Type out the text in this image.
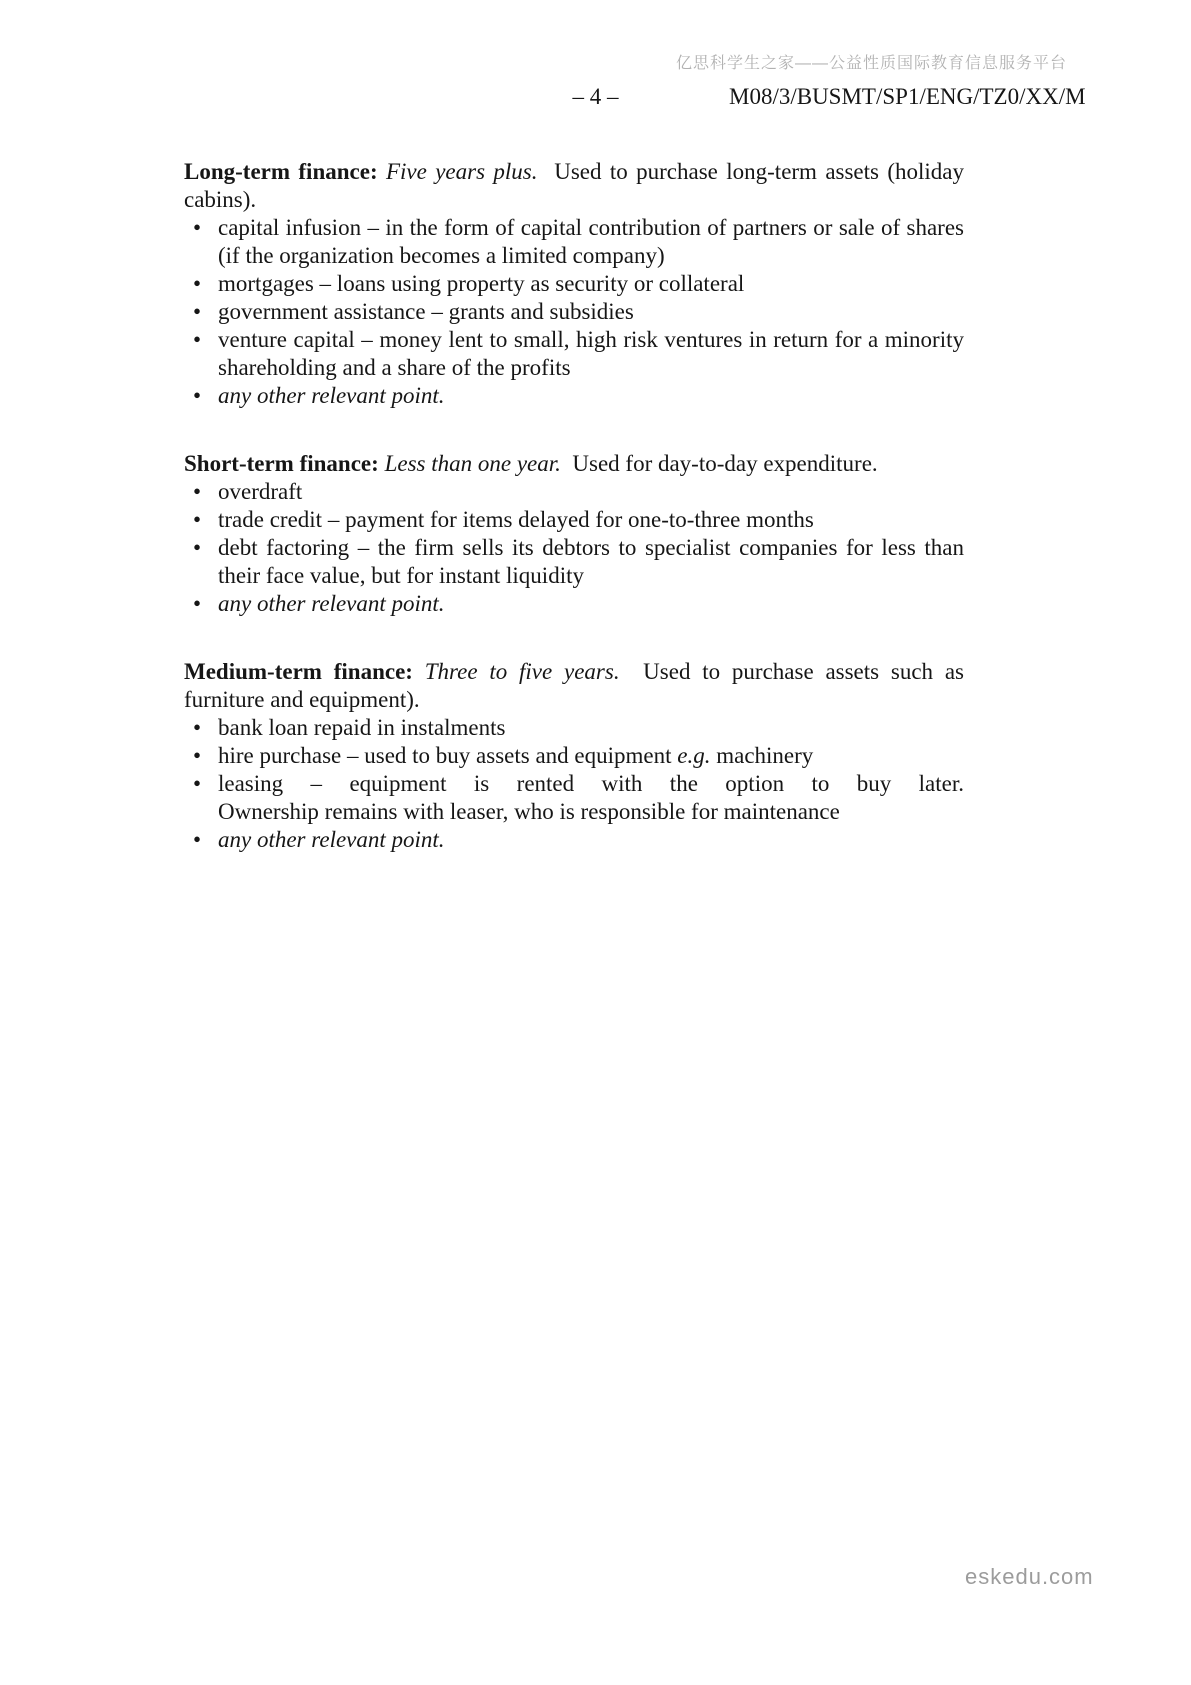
亿思科学生之家——公益性质国际教育信息服务平台
– 4 –	M08/3/BUSMT/SP1/ENG/TZ0/XX/M

Long-term finance: Five years plus.  Used to purchase long-term assets (holiday cabins).

• capital infusion – in the form of capital contribution of partners or sale of shares (if the organization becomes a limited company)
• mortgages – loans using property as security or collateral
• government assistance – grants and subsidies
• venture capital – money lent to small, high risk ventures in return for a minority shareholding and a share of the profits
• any other relevant point.

Short-term finance: Less than one year.  Used for day-to-day expenditure.

• overdraft
• trade credit – payment for items delayed for one-to-three months
• debt factoring – the firm sells its debtors to specialist companies for less than their face value, but for instant liquidity
• any other relevant point.

Medium-term finance: Three to five years.  Used to purchase assets such as furniture and equipment).

• bank loan repaid in instalments
• hire purchase – used to buy assets and equipment e.g. machinery
• leasing – equipment is rented with the option to buy later.
Ownership remains with leaser, who is responsible for maintenance
• any other relevant point.
eskedu.com
